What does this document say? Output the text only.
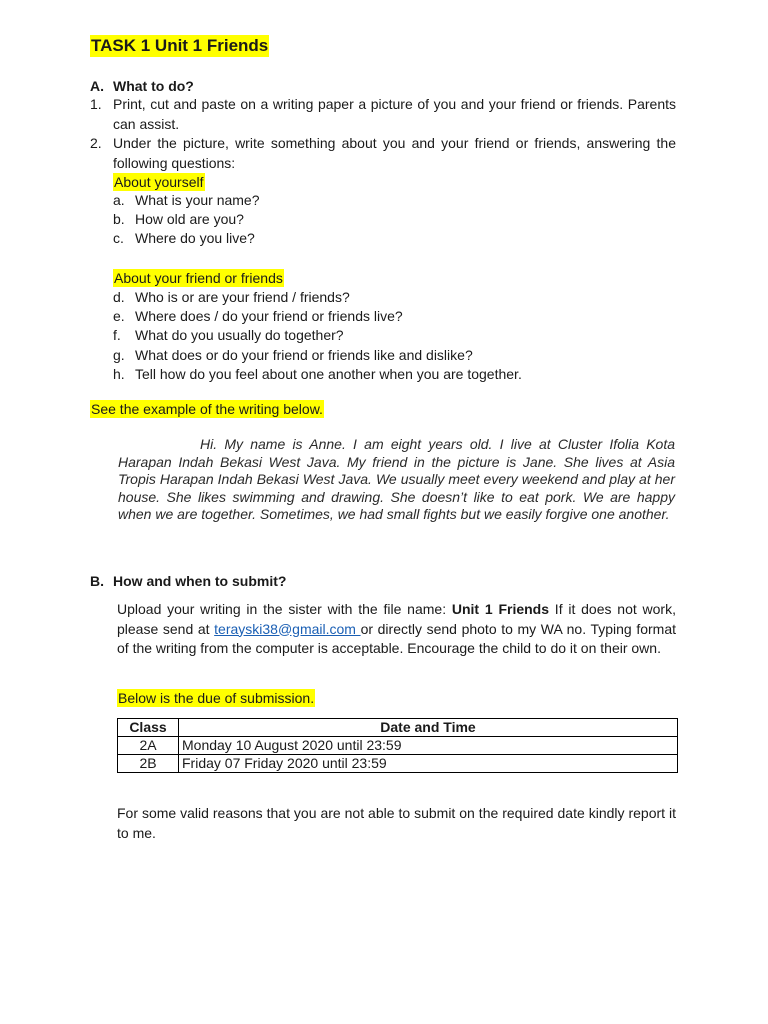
TASK 1 Unit 1 Friends
A. What to do?
1. Print, cut and paste on a writing paper a picture of you and your friend or friends. Parents can assist.
2. Under the picture, write something about you and your friend or friends, answering the following questions:
About yourself
a. What is your name?
b. How old are you?
c. Where do you live?
About your friend or friends
d. Who is or are your friend / friends?
e. Where does / do your friend or friends live?
f.	What do you usually do together?
g. What does or do your friend or friends like and dislike?
h. Tell how do you feel about one another when you are together.
See the example of the writing below.
Hi. My name is Anne. I am eight years old. I live at Cluster Ifolia Kota Harapan Indah Bekasi West Java. My friend in the picture is Jane. She lives at Asia Tropis Harapan Indah Bekasi West Java. We usually meet every weekend and play at her house. She likes swimming and drawing. She doesn’t like to eat pork. We are happy when we are together. Sometimes, we had small fights but we easily forgive one another.
B. How and when to submit?
Upload your writing in the sister with the file name: Unit 1 Friends If it does not work, please send at terayski38@gmail.com or directly send photo to my WA no. Typing format of the writing from the computer is acceptable. Encourage the child to do it on their own.
Below is the due of submission.
Class	Date and Time
2A	Monday 10 August 2020 until 23:59
2B	Friday 07 Friday 2020 until 23:59
For some valid reasons that you are not able to submit on the required date kindly report it to me.
